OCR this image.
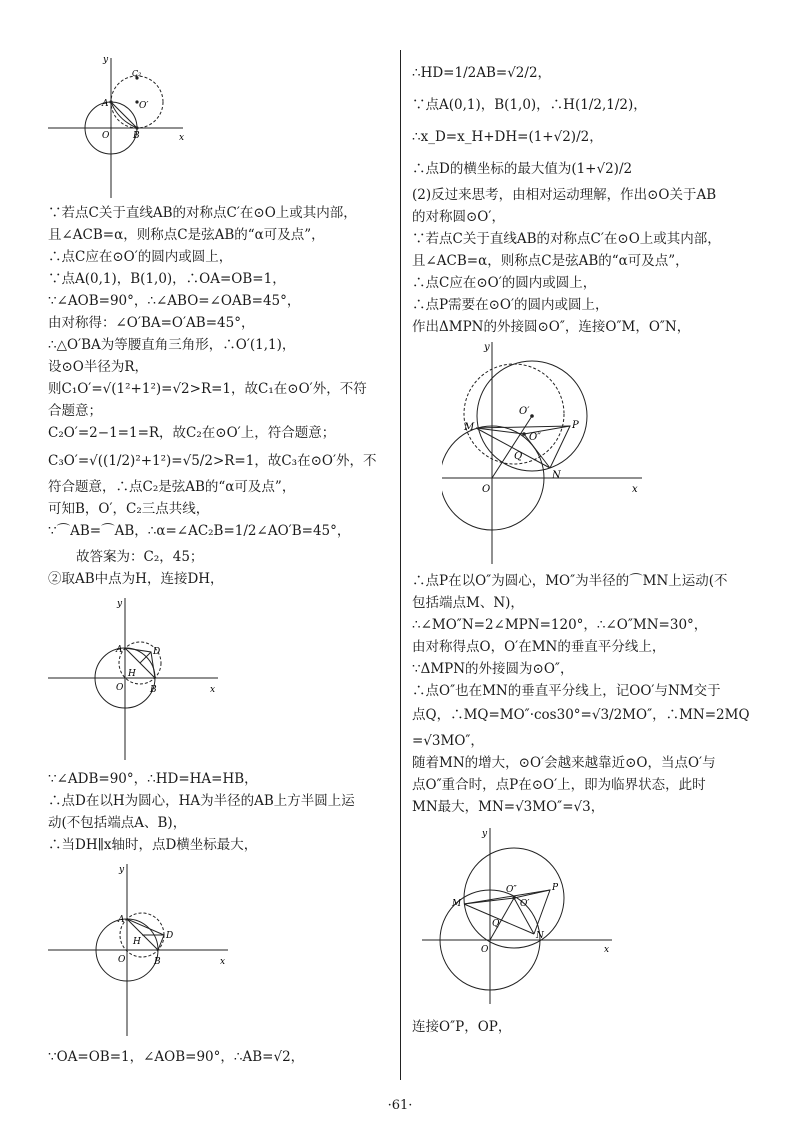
y
x
A
O	B
O′
C₂
∵若点C关于直线AB的对称点C′在⊙O上或其内部，
且∠ACB=α，则称点C是弦AB的“α可及点”，
∴点C应在⊙O′的圆内或圆上，
∵点A(0,1)，B(1,0)，∴OA=OB=1，
∵∠AOB=90°，∴∠ABO=∠OAB=45°，
由对称得：∠O′BA=O′AB=45°，
∴△O′BA为等腰直角三角形，∴O′(1,1)，
设⊙O半径为R，
则C₁O′=√(1²+1²)=√2>R=1，故C₁在⊙O′外，不符
合题意；
C₂O′=2−1=1=R，故C₂在⊙O′上，符合题意；
C₃O′=√((1/2)²+1²)=√5/2>R=1，故C₃在⊙O′外，不
符合题意，∴点C₂是弦AB的“α可及点”，
可知B，O′，C₂三点共线，
∵⌒AB=⌒AB，∴α=∠AC₂B=1/2∠AO′B=45°，
故答案为：C₂，45；
②取AB中点为H，连接DH，
y
x
A	D
H
O	B
∵∠ADB=90°，∴HD=HA=HB，
∴点D在以H为圆心，HA为半径的AB上方半圆上运
动(不包括端点A、B)，
∴当DH∥x轴时，点D横坐标最大，
y
x
A
H
D
O	B
∵OA=OB=1，∠AOB=90°，∴AB=√2，
∴HD=1/2AB=√2/2，
∵点A(0,1)，B(1,0)，∴H(1/2,1/2)，
∴x_D=x_H+DH=(1+√2)/2，
∴点D的横坐标的最大值为(1+√2)/2
(2)反过来思考，由相对运动理解，作出⊙O关于AB
的对称圆⊙O′，
∵若点C关于直线AB的对称点C′在⊙O上或其内部，
且∠ACB=α，则称点C是弦AB的“α可及点”，
∴点C应在⊙O′的圆内或圆上，
∴点P需要在⊙O′的圆内或圆上，
作出ΔMPN的外接圆⊙O″，连接O″M，O″N，
y
x
M
O′
O″
P
Q
N
O
∴点P在以O″为圆心，MO″为半径的⌒MN上运动(不
包括端点M、N)，
∴∠MO″N=2∠MPN=120°，∴∠O″MN=30°，
由对称得点O，O′在MN的垂直平分线上，
∵ΔMPN的外接圆为⊙O″，
∴点O″也在MN的垂直平分线上，记OO′与NM交于
点Q，∴MQ=MO″·cos30°=√3/2MO″，∴MN=2MQ
=√3MO″，
随着MN的增大，⊙O′会越来越靠近⊙O，当点O′与
点O″重合时，点P在⊙O′上，即为临界状态，此时
MN最大，MN=√3MO″=√3，
y
x
M
O″
O′
P
Q
N
O
连接O″P，OP，
·61·
